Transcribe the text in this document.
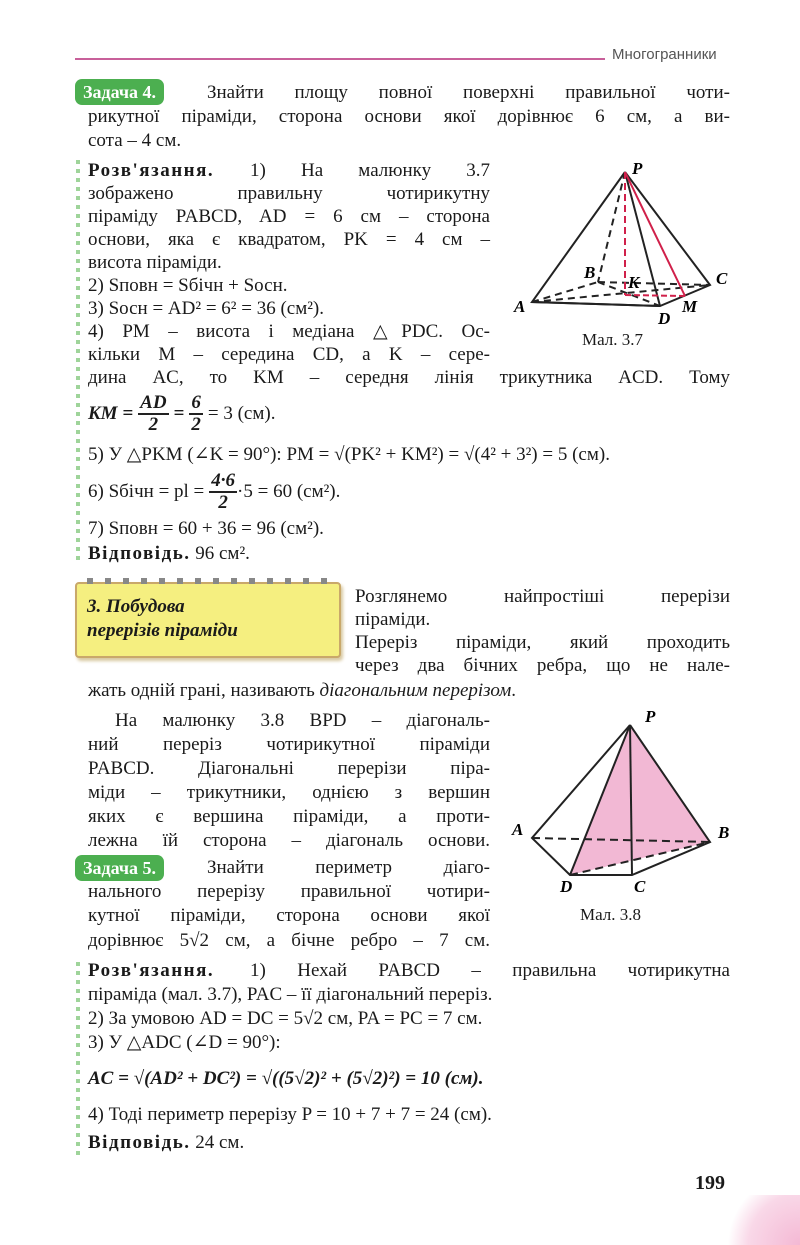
Многогранники
Задача 4.	Знайти площу повної поверхні правильної чоти-
рикутної піраміди, сторона основи якої дорівнює 6 см, а ви-
сота – 4 см.
Розв'язання. 1) На малюнку 3.7
зображено правильну чотирикутну
піраміду PABCD, AD = 6 см – сторона
основи, яка є квадратом, PK = 4 см –
висота піраміди.
2) Sповн = Sбічн + Sосн.
3) Sосн = AD² = 6² = 36 (см²).
4) PM – висота і медіана △PDC. Ос-
кільки M – середина CD, а K – сере-
дина AC, то KM – середня лінія трикутника ACD. Тому
KM = $\frac{AD}{2} = \frac{6}{2} = 3$ (см).
5) У △PKM (∠K = 90°): PM = √(PK² + KM²) = √(4² + 3²) = 5 (см).
6) Sбічн = pl = $\frac{4\cdot 6}{2} \cdot 5 = 60$ (см²).
7) Sповн = 60 + 36 = 96 (см²).
Відповідь. 96 см².
P
A
B	C
D
K
M
Мал. 3.7
3. Побудова
перерізів піраміди
Розглянемо найпростіші перерізи
піраміди.
Переріз піраміди, який проходить
через два бічних ребра, що не нале-
жать одній грані, називають діагональним перерізом.
На малюнку 3.8 BPD – діагональ-
ний переріз чотирикутної піраміди
PABCD. Діагональні перерізи пірa-
міди – трикутники, однією з вершин
яких є вершина піраміди, а проти-
лежна їй сторона – діагональ основи.
P
A	B
C
D
Мал. 3.8
Задача 5.	Знайти периметр діаго-
нального перерізу правильної чотири-
кутної піраміди, сторона основи якої
дорівнює 5√2 см, а бічне ребро – 7 см.
Розв'язання. 1) Нехай PABCD – правильна чотирикутна
піраміда (мал. 3.7), PAC – її діагональний переріз.
2) За умовою AD = DC = 5√2 см, PA = PC = 7 см.
3) У △ADC (∠D = 90°):
AC = √(AD² + DC²) = √((5√2)² + (5√2)²) = 10 (см).
4) Тоді периметр перерізу P = 10 + 7 + 7 = 24 (см).
Відповідь. 24 см.
199
